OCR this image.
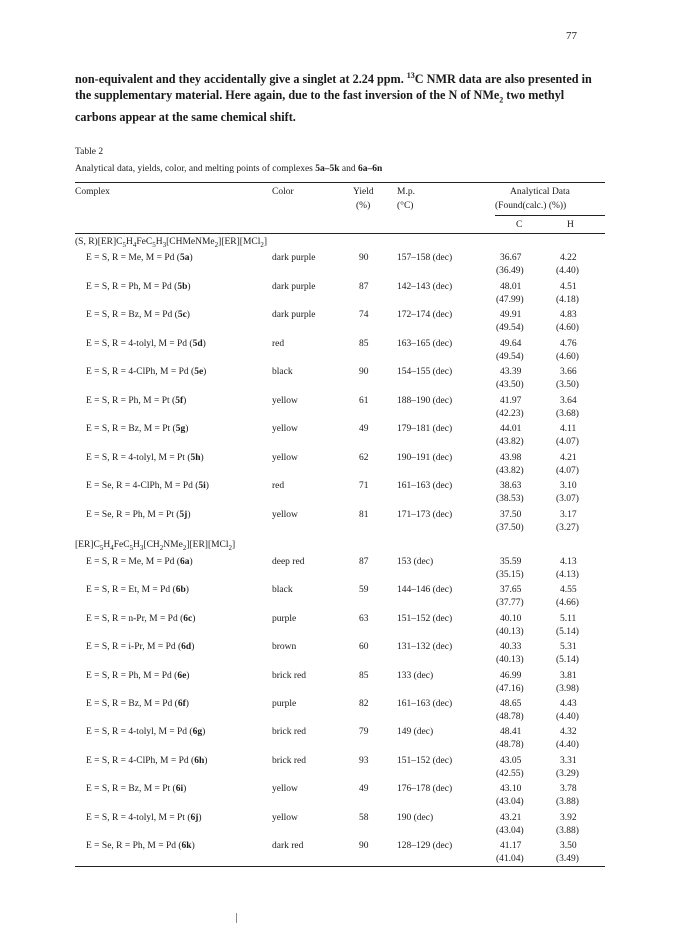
77
non-equivalent and they accidentally give a singlet at 2.24 ppm. $^{13}$C NMR data are also presented in the supplementary material. Here again, due to the fast inversion of the N of NMe$_2$ two methyl carbons appear at the same chemical shift.
Table 2
Analytical data, yields, color, and melting points of complexes 5a–5k and 6a–6n
Complex	Color	Yield
(%)
M.p.
(°C)
Analytical Data
(Found(calc.) (%))
C	H
(S, $R)[ER]C_5H_4FeC_5H_3[CHMeNMe_2][ER][MCl_2]$
E = S, R = Me, M = Pd (5a)	dark purple	90	157–158 (dec)	36.67	4.22
(36.49)	(4.40)
E = S, R = Ph, M = Pd (5b)	dark purple	87	142–143 (dec)	48.01	4.51
(47.99)	(4.18)
E = S, R = Bz, M = Pd (5c)	dark purple	74	172–174 (dec)	49.91	4.83
(49.54)	(4.60)
E = S, R = 4-tolyl, M = Pd (5d)	red	85	163–165 (dec)	49.64	4.76
(49.54)	(4.60)
E = S, R = 4-ClPh, M = Pd (5e)	black	90	154–155 (dec)	43.39	3.66
(43.50)	(3.50)
E = S, R = Ph, M = Pt (5f)	yellow	61	188–190 (dec)	41.97	3.64
(42.23)	(3.68)
E = S, R = Bz, M = Pt (5g)	yellow	49	179–181 (dec)	44.01	4.11
(43.82)	(4.07)
E = S, R = 4-tolyl, M = Pt (5h)	yellow	62	190–191 (dec)	43.98	4.21
(43.82)	(4.07)
E = Se, R = 4-ClPh, M = Pd (5i)	red	71	161–163 (dec)	38.63	3.10
(38.53)	(3.07)
E = Se, R = Ph, M = Pt (5j)	yellow	81	171–173 (dec)	37.50	3.17
(37.50)	(3.27)
$[ER]C_5H_4FeC_5H_3[CH_2NMe_2][ER][MCl_2]$
E = S, R = Me, M = Pd (6a)	deep red	87	153 (dec)	35.59	4.13
(35.15)	(4.13)
E = S, R = Et, M = Pd (6b)	black	59	144–146 (dec)	37.65	4.55
(37.77)	(4.66)
E = S, R = n-Pr, M = Pd (6c)	purple	63	151–152 (dec)	40.10	5.11
(40.13)	(5.14)
E = S, R = i-Pr, M = Pd (6d)	brown	60	131–132 (dec)	40.33	5.31
(40.13)	(5.14)
E = S, R = Ph, M = Pd (6e)	brick red	85	133 (dec)	46.99	3.81
(47.16)	(3.98)
E = S, R = Bz, M = Pd (6f)	purple	82	161–163 (dec)	48.65	4.43
(48.78)	(4.40)
E = S, R = 4-tolyl, M = Pd (6g)	brick red	79	149 (dec)	48.41	4.32
(48.78)	(4.40)
E = S, R = 4-ClPh, M = Pd (6h)	brick red	93	151–152 (dec)	43.05	3.31
(42.55)	(3.29)
E = S, R = Bz, M = Pt (6i)	yellow	49	176–178 (dec)	43.10	3.78
(43.04)	(3.88)
E = S, R = 4-tolyl, M = Pt (6j)	yellow	58	190 (dec)	43.21	3.92
(43.04)	(3.88)
E = Se, R = Ph, M = Pd (6k)	dark red	90	128–129 (dec)	41.17	3.50
(41.04)	(3.49)
